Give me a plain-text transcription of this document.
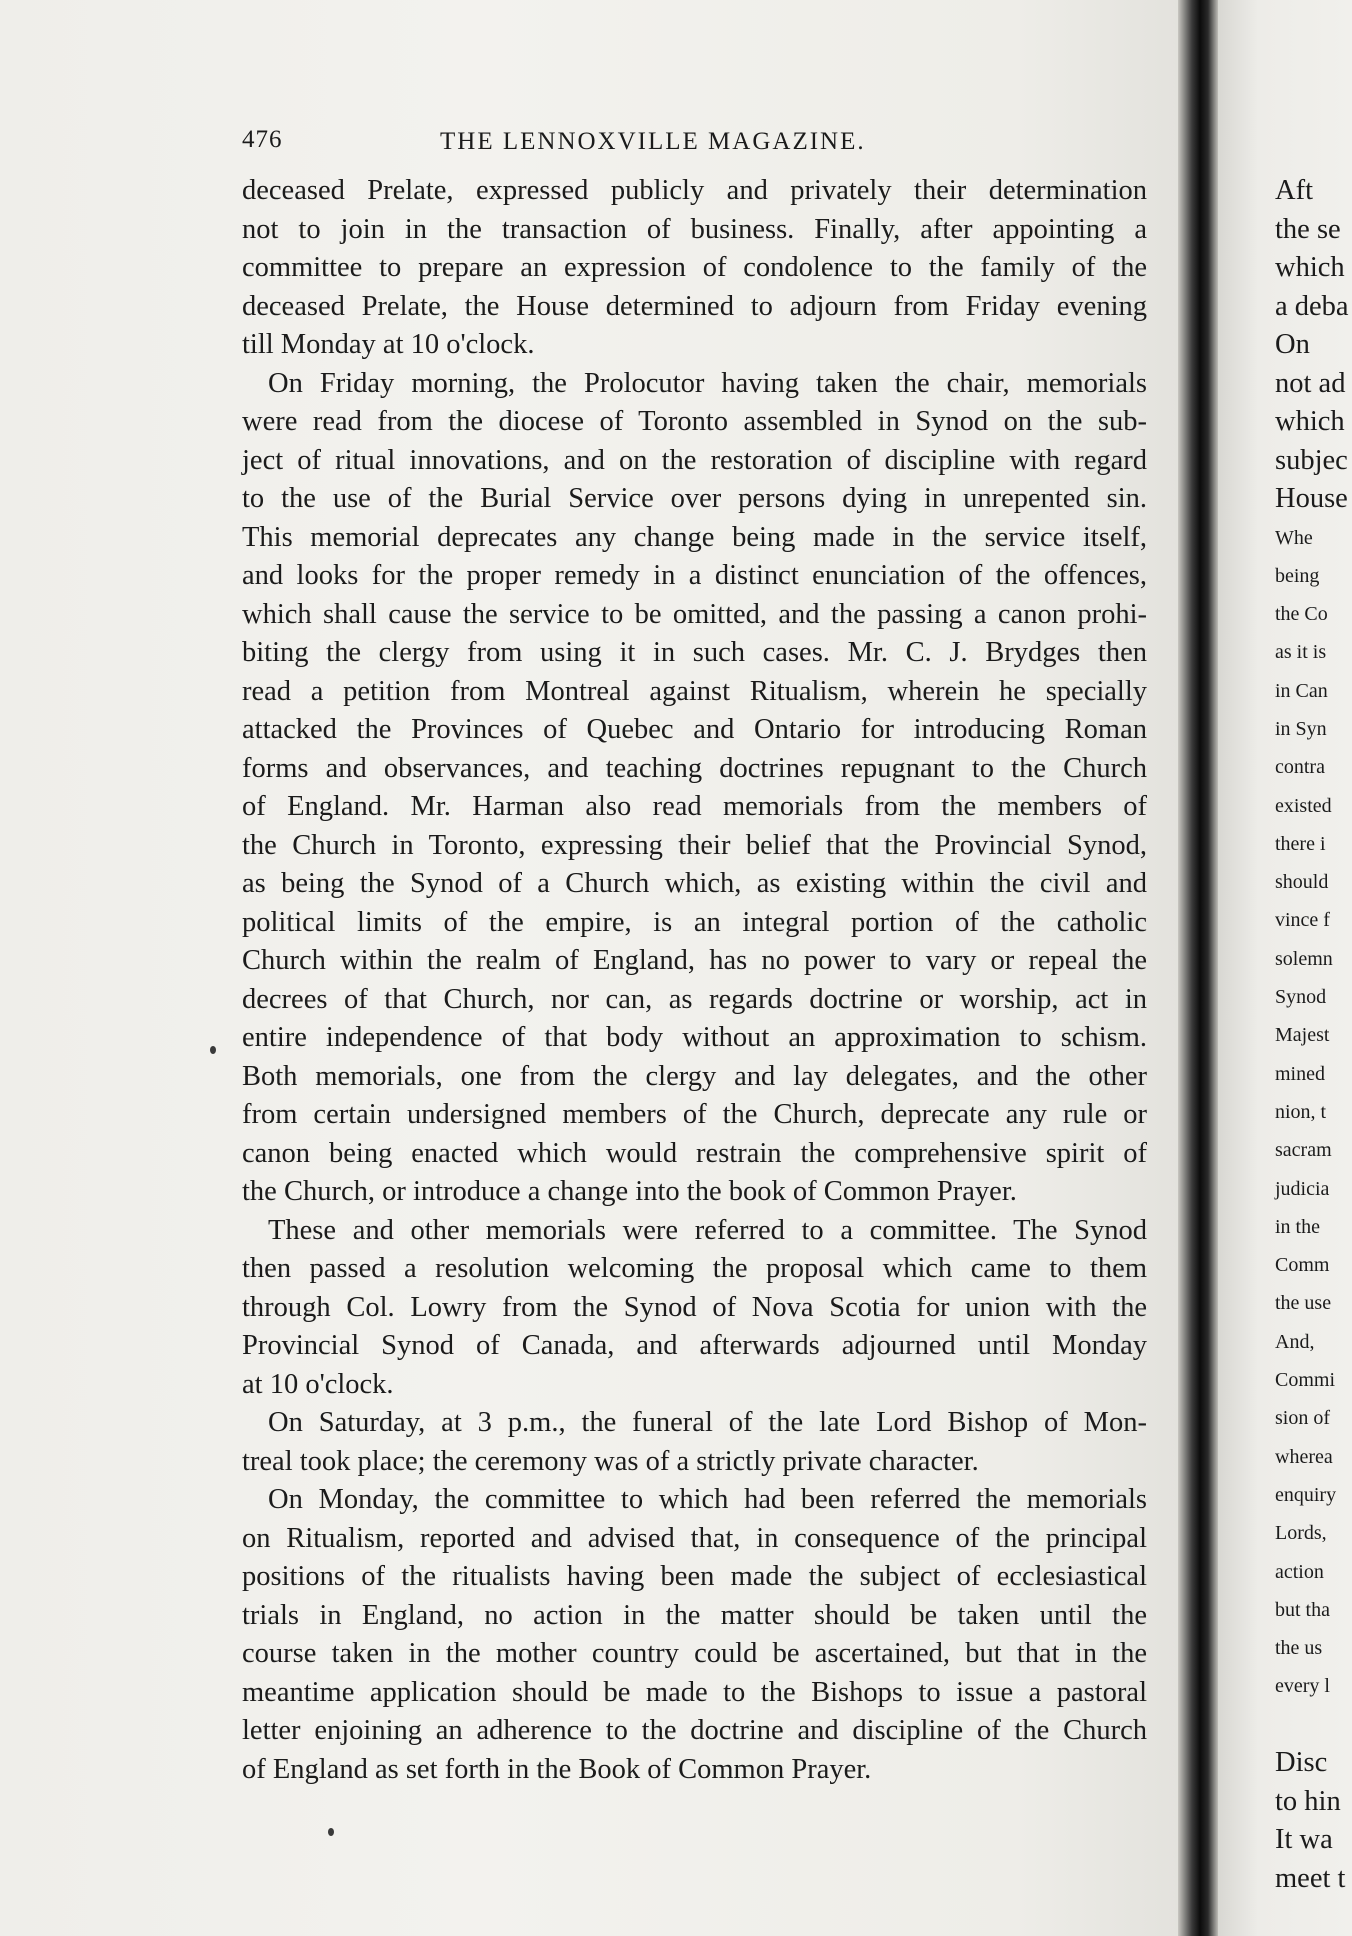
476	THE LENNOXVILLE MAGAZINE.
deceased Prelate, expressed publicly and privately their determination
not to join in the transaction of business. Finally, after appointing a
committee to prepare an expression of condolence to the family of the
deceased Prelate, the House determined to adjourn from Friday evening
till Monday at 10 o'clock.
On Friday morning, the Prolocutor having taken the chair, memorials
were read from the diocese of Toronto assembled in Synod on the sub-
ject of ritual innovations, and on the restoration of discipline with regard
to the use of the Burial Service over persons dying in unrepented sin.
This memorial deprecates any change being made in the service itself,
and looks for the proper remedy in a distinct enunciation of the offences,
which shall cause the service to be omitted, and the passing a canon prohi-
biting the clergy from using it in such cases. Mr. C. J. Brydges then
read a petition from Montreal against Ritualism, wherein he specially
attacked the Provinces of Quebec and Ontario for introducing Roman
forms and observances, and teaching doctrines repugnant to the Church
of England. Mr. Harman also read memorials from the members of
the Church in Toronto, expressing their belief that the Provincial Synod,
as being the Synod of a Church which, as existing within the civil and
political limits of the empire, is an integral portion of the catholic
Church within the realm of England, has no power to vary or repeal the
decrees of that Church, nor can, as regards doctrine or worship, act in
entire independence of that body without an approximation to schism.
Both memorials, one from the clergy and lay delegates, and the other
from certain undersigned members of the Church, deprecate any rule or
canon being enacted which would restrain the comprehensive spirit of
the Church, or introduce a change into the book of Common Prayer.
These and other memorials were referred to a committee. The Synod
then passed a resolution welcoming the proposal which came to them
through Col. Lowry from the Synod of Nova Scotia for union with the
Provincial Synod of Canada, and afterwards adjourned until Monday
at 10 o'clock.
On Saturday, at 3 p.m., the funeral of the late Lord Bishop of Mon-
treal took place; the ceremony was of a strictly private character.
On Monday, the committee to which had been referred the memorials
on Ritualism, reported and advised that, in consequence of the principal
positions of the ritualists having been made the subject of ecclesiastical
trials in England, no action in the matter should be taken until the
course taken in the mother country could be ascertained, but that in the
meantime application should be made to the Bishops to issue a pastoral
letter enjoining an adherence to the doctrine and discipline of the Church
of England as set forth in the Book of Common Prayer.
Aft
the se
which
a deba
On
not ad
which
subjec
House
Whe
being
the Co
as it is
in Can
in Syn
contra
existed
there i
should
vince f
solemn
Synod
Majest
mined
nion, t
sacram
judicia
in the
Comm
the use
And,
Commi
sion of
wherea
enquiry
Lords,
action
but tha
the us
every l
Disc
to hin
It wa
meet t
